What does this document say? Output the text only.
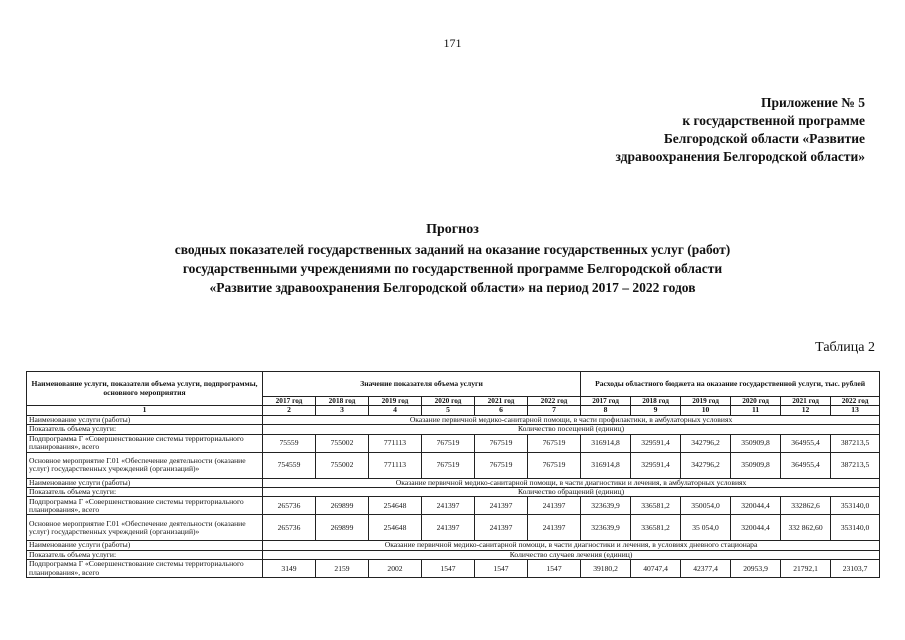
171
Приложение № 5
к государственной программе
Белгородской области «Развитие
здравоохранения Белгородской области»
Прогноз
сводных показателей государственных заданий на оказание государственных услуг (работ)
государственными учреждениями по государственной программе Белгородской области
«Развитие здравоохранения Белгородской области» на период 2017 – 2022 годов
Таблица 2
Наименование услуги, показатели объема услуги, подпрограммы, основного мероприятия	Значение показателя объема услуги						Расходы областного бюджета на оказание государственной услуги, тыс. рублей					
	2017 год	2018 год	2019 год	2020 год	2021 год	2022 год	2017 год	2018 год	2019 год	2020 год	2021 год	2022 год
1	2	3	4	5	6	7	8	9	10	11	12	13
Наименование услуги (работы)	Оказание первичной медико-санитарной помощи, в части профилактики, в амбулаторных условиях											
Показатель объема услуги:	Количество посещений (единиц)											
Подпрограмма Г «Совершенствование системы территориального планирования», всего	75559	755002	771113	767519	767519	767519	316914,8	329591,4	342796,2	350909,8	364955,4	387213,5
Основное мероприятие Г.01 «Обеспечение деятельности (оказание услуг) государственных учреждений (организаций)»	754559	755002	771113	767519	767519	767519	316914,8	329591,4	342796,2	350909,8	364955,4	387213,5
Наименование услуги (работы)	Оказание первичной медико-санитарной помощи, в части диагностики и лечения, в амбулаторных условиях											
Показатель объема услуги:	Количество обращений (единиц)											
Подпрограмма Г «Совершенствование системы территориального планирования», всего	265736	269899	254648	241397	241397	241397	323639,9	336581,2	350054,0	320044,4	332862,6	353140,0
Основное мероприятие Г.01 «Обеспечение деятельности (оказание услуг) государственных учреждений (организаций)»	265736	269899	254648	241397	241397	241397	323639,9	336581,2	35 054,0	320044,4	332 862,60	353140,0
Наименование услуги (работы)	Оказание первичной медико-санитарной помощи, в части диагностики и лечения, в условиях дневного стационара											
Показатель объема услуги:	Количество случаев лечения (единиц)											
Подпрограмма Г «Совершенствование системы территориального планирования», всего	3149	2159	2002	1547	1547	1547	39180,2	40747,4	42377,4	20953,9	21792,1	23103,7
